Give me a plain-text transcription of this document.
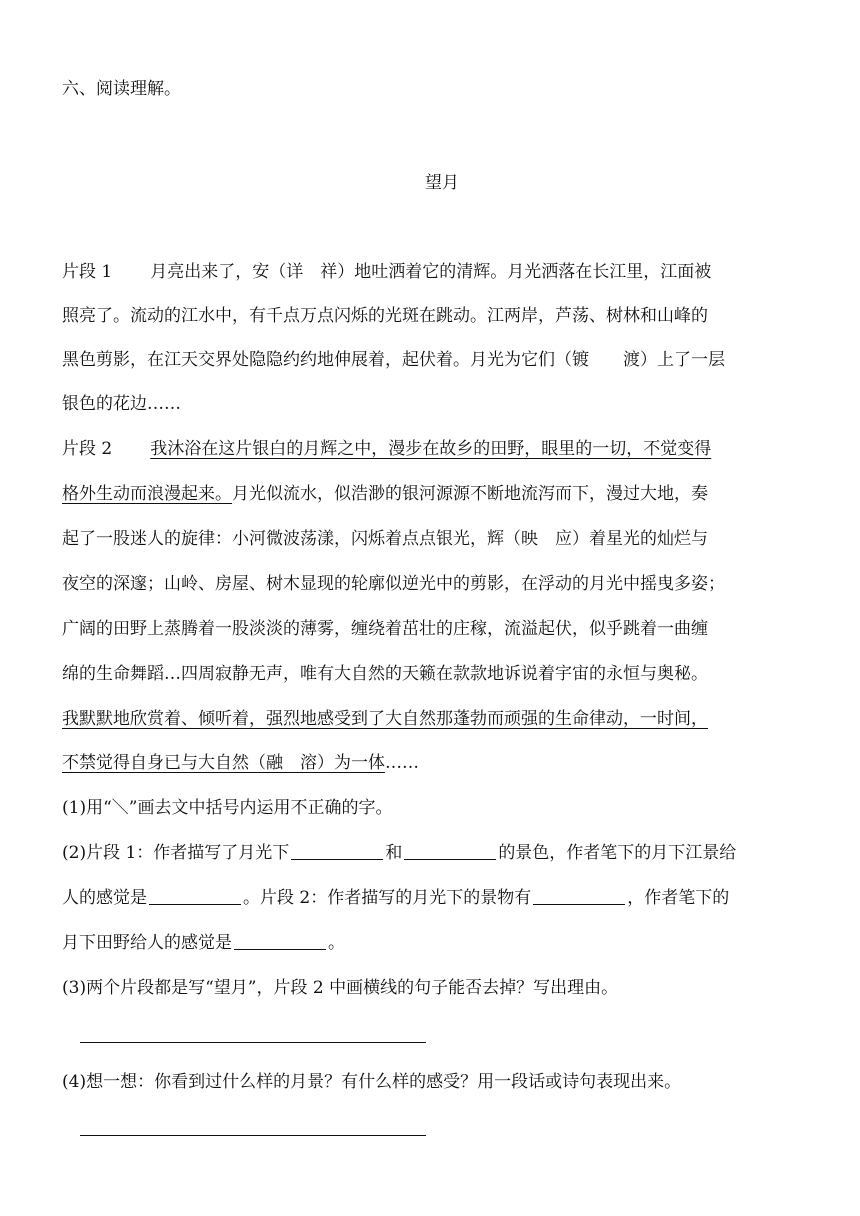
六、阅读理解。
望月
片段 1 月亮出来了，安（详　祥）地吐洒着它的清辉。月光洒落在长江里，江面被
照亮了。流动的江水中，有千点万点闪烁的光斑在跳动。江两岸，芦荡、树林和山峰的
黑色剪影，在江天交界处隐隐约约地伸展着，起伏着。月光为它们（镀　　渡）上了一层
银色的花边……
片段 2 我沐浴在这片银白的月辉之中，漫步在故乡的田野，眼里的一切，不觉变得
格外生动而浪漫起来。月光似流水，似浩渺的银河源源不断地流泻而下，漫过大地，奏
起了一股迷人的旋律：小河微波荡漾，闪烁着点点银光，辉（映　应）着星光的灿烂与
夜空的深邃；山岭、房屋、树木显现的轮廓似逆光中的剪影，在浮动的月光中摇曳多姿；
广阔的田野上蒸腾着一股淡淡的薄雾，缠绕着茁壮的庄稼，流溢起伏，似乎跳着一曲缠
绵的生命舞蹈…四周寂静无声，唯有大自然的天籁在款款地诉说着宇宙的永恒与奥秘。
我默默地欣赏着、倾听着，强烈地感受到了大自然那蓬勃而顽强的生命律动，一时间，
不禁觉得自身已与大自然（融　溶）为一体……
(1)用“＼”画去文中括号内运用不正确的字。
(2)片段 1：作者描写了月光下	和	的景色，作者笔下的月下江景给
人的感觉是	。片段 2：作者描写的月光下的景物有	，作者笔下的
月下田野给人的感觉是	。
(3)两个片段都是写“望月”，片段 2 中画横线的句子能否去掉？写出理由。
(4)想一想：你看到过什么样的月景？有什么样的感受？用一段话或诗句表现出来。
